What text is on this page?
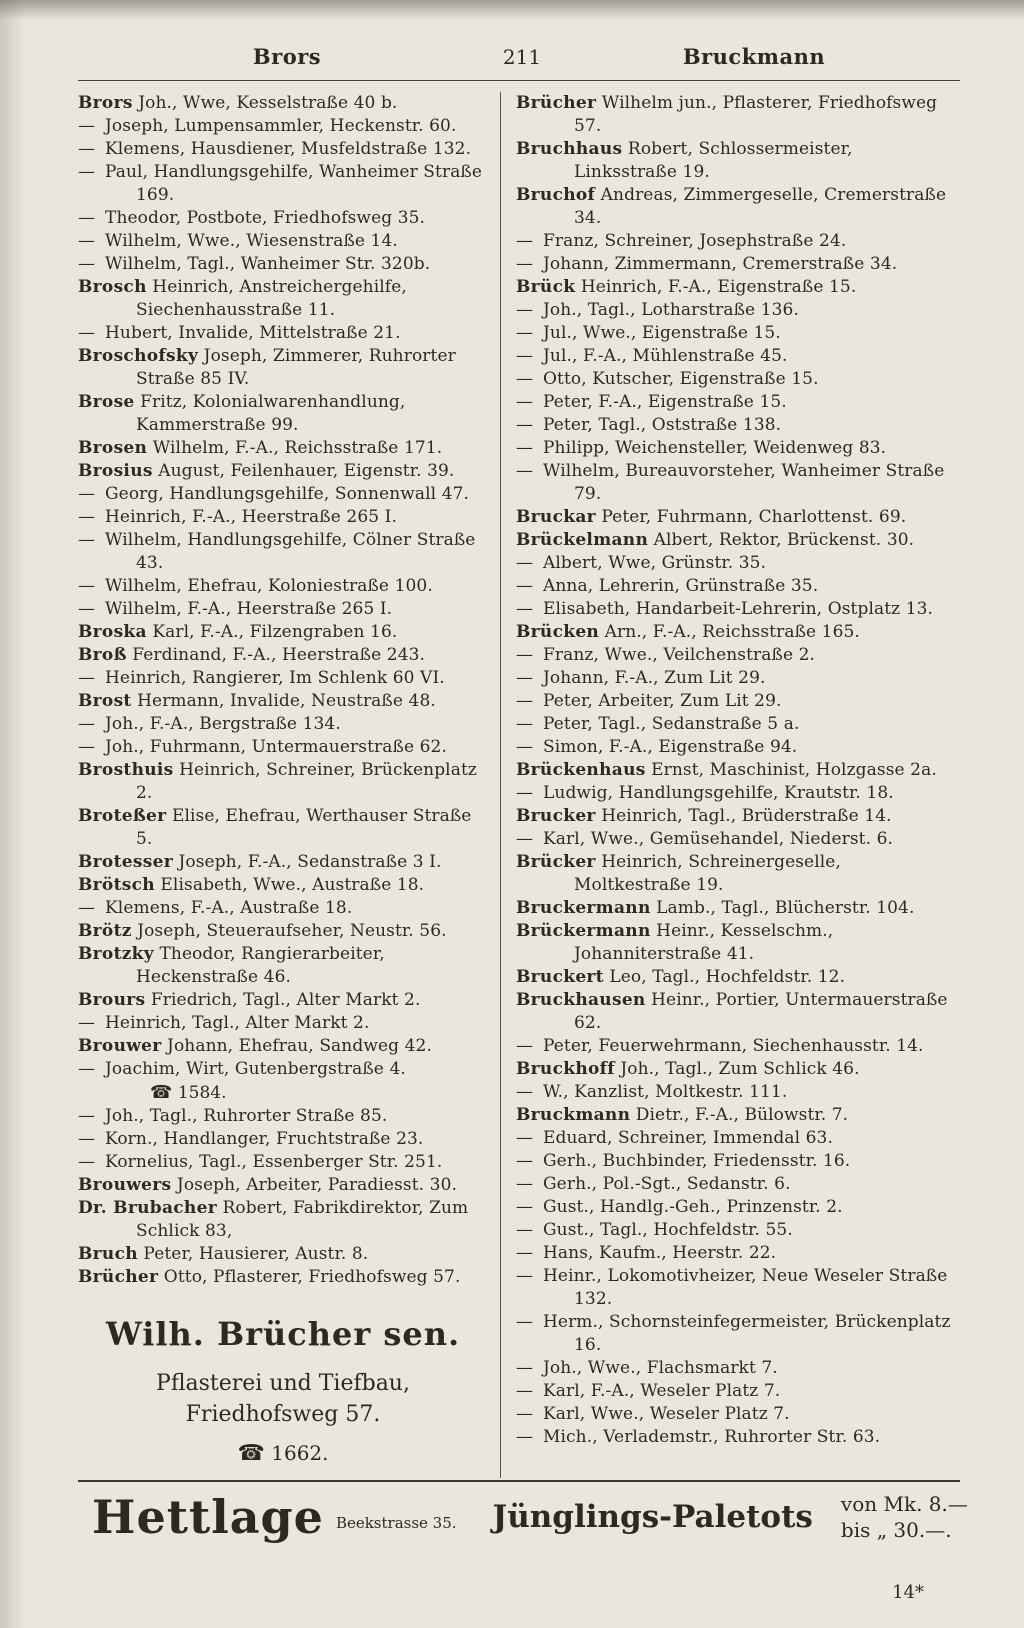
Brors	211	Bruckmann
Brors Joh., Wwe, Kesselstraße 40 b.
— Joseph, Lumpensammler, Heckenstr. 60.
— Klemens, Hausdiener, Musfeldstraße 132.
— Paul, Handlungsgehilfe, Wanheimer Straße 169.
— Theodor, Postbote, Friedhofsweg 35.
— Wilhelm, Wwe., Wiesenstraße 14.
— Wilhelm, Tagl., Wanheimer Str. 320b.
Brosch Heinrich, Anstreichergehilfe, Siechenhausstraße 11.
— Hubert, Invalide, Mittelstraße 21.
Broschofsky Joseph, Zimmerer, Ruhrorter Straße 85 IV.
Brose Fritz, Kolonialwarenhandlung, Kammerstraße 99.
Brosen Wilhelm, F.-A., Reichsstraße 171.
Brosius August, Feilenhauer, Eigenstr. 39.
— Georg, Handlungsgehilfe, Sonnenwall 47.
— Heinrich, F.-A., Heerstraße 265 I.
— Wilhelm, Handlungsgehilfe, Cölner Straße 43.
— Wilhelm, Ehefrau, Koloniestraße 100.
— Wilhelm, F.-A., Heerstraße 265 I.
Broska Karl, F.-A., Filzengraben 16.
Broß Ferdinand, F.-A., Heerstraße 243.
— Heinrich, Rangierer, Im Schlenk 60 VI.
Brost Hermann, Invalide, Neustraße 48.
— Joh., F.-A., Bergstraße 134.
— Joh., Fuhrmann, Untermauerstraße 62.
Brosthuis Heinrich, Schreiner, Brückenplatz 2.
Broteßer Elise, Ehefrau, Werthauser Straße 5.
Brotesser Joseph, F.-A., Sedanstraße 3 I.
Brötsch Elisabeth, Wwe., Austraße 18.
— Klemens, F.-A., Austraße 18.
Brötz Joseph, Steueraufseher, Neustr. 56.
Brotzky Theodor, Rangierarbeiter, Heckenstraße 46.
Brours Friedrich, Tagl., Alter Markt 2.
— Heinrich, Tagl., Alter Markt 2.
Brouwer Johann, Ehefrau, Sandweg 42.
— Joachim, Wirt, Gutenbergstraße 4.
☎ 1584.
— Joh., Tagl., Ruhrorter Straße 85.
— Korn., Handlanger, Fruchtstraße 23.
— Kornelius, Tagl., Essenberger Str. 251.
Brouwers Joseph, Arbeiter, Paradiesst. 30.
Dr. Brubacher Robert, Fabrikdirektor, Zum Schlick 83,
Bruch Peter, Hausierer, Austr. 8.
Brücher Otto, Pflasterer, Friedhofsweg 57.
Wilh. Brücher sen.
Pflasterei und Tiefbau, Friedhofsweg 57.
☎ 1662.
Brücher Wilhelm jun., Pflasterer, Friedhofsweg 57.
Bruchhaus Robert, Schlossermeister, Linksstraße 19.
Bruchof Andreas, Zimmergeselle, Cremerstraße 34.
— Franz, Schreiner, Josephstraße 24.
— Johann, Zimmermann, Cremerstraße 34.
Brück Heinrich, F.-A., Eigenstraße 15.
— Joh., Tagl., Lotharstraße 136.
— Jul., Wwe., Eigenstraße 15.
— Jul., F.-A., Mühlenstraße 45.
— Otto, Kutscher, Eigenstraße 15.
— Peter, F.-A., Eigenstraße 15.
— Peter, Tagl., Oststraße 138.
— Philipp, Weichensteller, Weidenweg 83.
— Wilhelm, Bureauvorsteher, Wanheimer Straße 79.
Bruckar Peter, Fuhrmann, Charlottenst. 69.
Brückelmann Albert, Rektor, Brückenst. 30.
— Albert, Wwe, Grünstr. 35.
— Anna, Lehrerin, Grünstraße 35.
— Elisabeth, Handarbeit-Lehrerin, Ostplatz 13.
Brücken Arn., F.-A., Reichsstraße 165.
— Franz, Wwe., Veilchenstraße 2.
— Johann, F.-A., Zum Lit 29.
— Peter, Arbeiter, Zum Lit 29.
— Peter, Tagl., Sedanstraße 5 a.
— Simon, F.-A., Eigenstraße 94.
Brückenhaus Ernst, Maschinist, Holzgasse 2a.
— Ludwig, Handlungsgehilfe, Krautstr. 18.
Brucker Heinrich, Tagl., Brüderstraße 14.
— Karl, Wwe., Gemüsehandel, Niederst. 6.
Brücker Heinrich, Schreinergeselle, Moltkestraße 19.
Bruckermann Lamb., Tagl., Blücherstr. 104.
Brückermann Heinr., Kesselschm., Johanniterstraße 41.
Bruckert Leo, Tagl., Hochfeldstr. 12.
Bruckhausen Heinr., Portier, Untermauerstraße 62.
— Peter, Feuerwehrmann, Siechenhausstr. 14.
Bruckhoff Joh., Tagl., Zum Schlick 46.
— W., Kanzlist, Moltkestr. 111.
Bruckmann Dietr., F.-A., Bülowstr. 7.
— Eduard, Schreiner, Immendal 63.
— Gerh., Buchbinder, Friedensstr. 16.
— Gerh., Pol.-Sgt., Sedanstr. 6.
— Gust., Handlg.-Geh., Prinzenstr. 2.
— Gust., Tagl., Hochfeldstr. 55.
— Hans, Kaufm., Heerstr. 22.
— Heinr., Lokomotivheizer, Neue Weseler Straße 132.
— Herm., Schornsteinfegermeister, Brückenplatz 16.
— Joh., Wwe., Flachsmarkt 7.
— Karl, F.-A., Weseler Platz 7.
— Karl, Wwe., Weseler Platz 7.
— Mich., Verlademstr., Ruhrorter Str. 63.
Hettlage Beekstrasse 35. Jünglings-Paletots von Mk. 8.—
bis „ 30.—.
14*
